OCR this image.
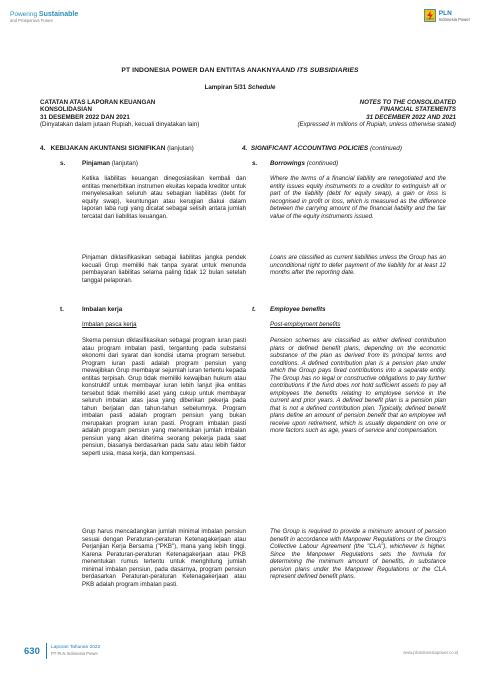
Powering Sustainable
and Prosperous Future
PLN
Indonesia Power
PT INDONESIA POWER DAN ENTITAS ANAKNYAAND ITS SUBSIDIARIES
Lampiran 5/31 Schedule
CATATAN ATAS LAPORAN KEUANGAN
KONSOLIDASIAN
31 DESEMBER 2022 DAN 2021
(Dinyatakan dalam jutaan Rupiah, kecuali dinyatakan lain)
NOTES TO THE CONSOLIDATED
FINANCIAL STATEMENTS
31 DECEMBER 2022 AND 2021
(Expressed in millions of Rupiah, unless otherwise stated)
4. KEBIJAKAN AKUNTANSI SIGNIFIKAN (lanjutan)	4. SIGNIFICANT ACCOUNTING POLICIES (continued)
s.	Pinjaman (lanjutan)	s. Borrowings (continued)
Ketika liabilitas keuangan dinegosiasikan kembali dan entitas menerbitkan instrumen ekuitas kepada kreditor untuk menyelesaikan seluruh atau sebagian liabilitas (debt for equity swap), keuntungan atau kerugian diakui dalam laporan laba rugi yang dicatat sebagai selisih antara jumlah tercatat dari liabilitas keuangan.
Where the terms of a financial liability are renegotiated and the entity issues equity instruments to a creditor to extinguish all or part of the liability (debt for equity swap), a gain or loss is recognised in profit or loss, which is measured as the difference between the carrying amount of the financial liability and the fair value of the equity instruments issued.
Pinjaman diklasifikasikan sebagai liabilitas jangka pendek kecuali Grup memiliki hak tanpa syarat untuk menunda pembayaran liabilitas selama paling tidak 12 bulan setelah tanggal pelaporan.
Loans are classified as current liabilities unless the Group has an unconditional right to defer payment of the liability for at least 12 months after the reporting date.
t.	Imbalan kerja	t. Employee benefits
Imbalan pasca kerja	Post-employment benefits
Skema pensiun diklasifikasikan sebagai program iuran pasti atau program imbalan pasti, tergantung pada substansi ekonomi dari syarat dan kondisi utama program tersebut. Program iuran pasti adalah program pensiun yang mewajibkan Grup membayar sejumlah iuran tertentu kepada entitas terpisah. Grup tidak memiliki kewajiban hukum atau konstruktif untuk membayar iuran lebih lanjut jika entitas tersebut tidak memiliki aset yang cukup untuk membayar seluruh imbalan atas jasa yang diberikan pekerja pada tahun berjalan dan tahun-tahun sebelumnya. Program imbalan pasti adalah program pensiun yang bukan merupakan program iuran pasti. Program imbalan pasti adalah program pensiun yang menentukan jumlah imbalan pensiun yang akan diterima seorang pekerja pada saat pensiun, biasanya berdasarkan pada satu atau lebih faktor seperti usia, masa kerja, dan kompensasi.
Pension schemes are classified as either defined contribution plans or defined benefit plans, depending on the economic substance of the plan as derived from its principal terms and conditions. A defined contribution plan is a pension plan under which the Group pays fixed contributions into a separate entity. The Group has no legal or constructive obligations to pay further contributions if the fund does not hold sufficient assets to pay all employees the benefits relating to employee service in the current and prior years. A defined benefit plan is a pension plan that is not a defined contribution plan. Typically, defined benefit plans define an amount of pension benefit that an employee will receive upon retirement, which is usually dependent on one or more factors such as age, years of service and compensation.
Grup harus mencadangkan jumlah minimal imbalan pensiun sesuai dengan Peraturan-peraturan Ketenagakerjaan atau Perjanjian Kerja Bersama ("PKB"), mana yang lebih tinggi. Karena Peraturan-peraturan Ketenagakerjaan atau PKB menentukan rumus tertentu untuk menghitung jumlah minimal imbalan pensiun, pada dasarnya, program pensiun berdasarkan Peraturan-peraturan Ketenagakerjaan atau PKB adalah program imbalan pasti.
The Group is required to provide a minimum amount of pension benefit in accordance with Manpower Regulations or the Group's Collective Labour Agreement (the "CLA"), whichever is higher. Since the Manpower Regulations sets the formula for determining the minimum amount of benefits, in substance pension plans under the Manpower Regulations or the CLA represent defined benefit plans.
630 Laporan Tahunan 2022
PT PLN Indonesia Power	www.plnindonesiapower.co.id
